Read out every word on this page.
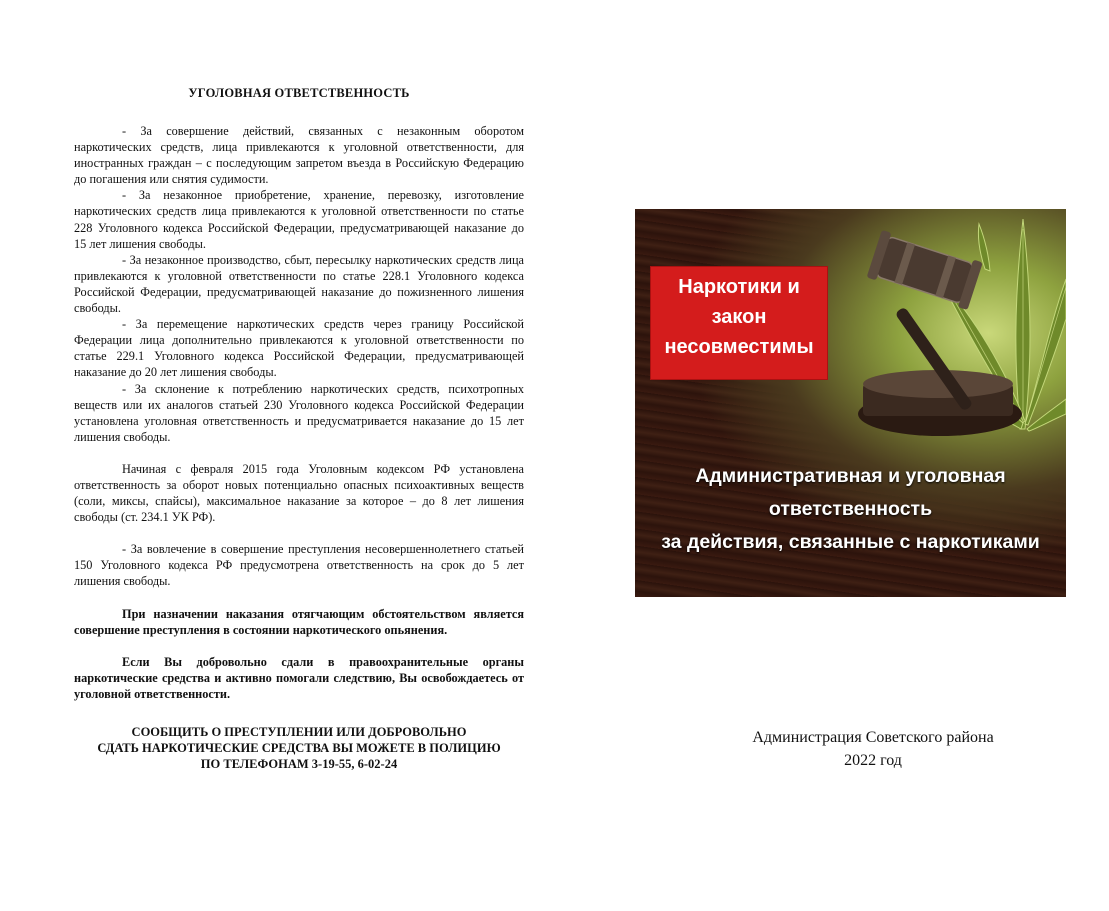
УГОЛОВНАЯ ОТВЕТСТВЕННОСТЬ

- За совершение действий, связанных с незаконным оборотом наркотических средств, лица привлекаются к уголовной ответственности, для иностранных граждан – с последующим запретом въезда в Российскую Федерацию до погашения или снятия судимости.

- За незаконное приобретение, хранение, перевозку, изготовление наркотических средств лица привлекаются к уголовной ответственности по статье 228 Уголовного кодекса Российской Федерации, предусматривающей наказание до 15 лет лишения свободы.

- За незаконное производство, сбыт, пересылку наркотических средств лица привлекаются к уголовной ответственности по статье 228.1 Уголовного кодекса Российской Федерации, предусматривающей наказание до пожизненного лишения свободы.

- За перемещение наркотических средств через границу Российской Федерации лица дополнительно привлекаются к уголовной ответственности по статье 229.1 Уголовного кодекса Российской Федерации, предусматривающей наказание до 20 лет лишения свободы.

- За склонение к потреблению наркотических средств, психотропных веществ или их аналогов статьей 230 Уголовного кодекса Российской Федерации установлена уголовная ответственность и предусматривается наказание до 15 лет лишения свободы.

Начиная с февраля 2015 года Уголовным кодексом РФ установлена ответственность за оборот новых потенциально опасных психоактивных веществ (соли, миксы, спайсы), максимальное наказание за которое – до 8 лет лишения свободы (ст. 234.1 УК РФ).

- За вовлечение в совершение преступления несовершеннолетнего статьей 150 Уголовного кодекса РФ предусмотрена ответственность на срок до 5 лет лишения свободы.

При назначении наказания отягчающим обстоятельством является совершение преступления в состоянии наркотического опьянения.

Если Вы добровольно сдали в правоохранительные органы наркотические средства и активно помогали следствию, Вы освобождаетесь от уголовной ответственности.

СООБЩИТЬ О ПРЕСТУПЛЕНИИ ИЛИ ДОБРОВОЛЬНО
СДАТЬ НАРКОТИЧЕСКИЕ СРЕДСТВА ВЫ МОЖЕТЕ В ПОЛИЦИЮ
ПО ТЕЛЕФОНАМ 3-19-55, 6-02-24
Наркотики и
закон
несовместимы
Административная и уголовная
ответственность
за действия, связанные с наркотиками
Администрация Советского района
2022 год
